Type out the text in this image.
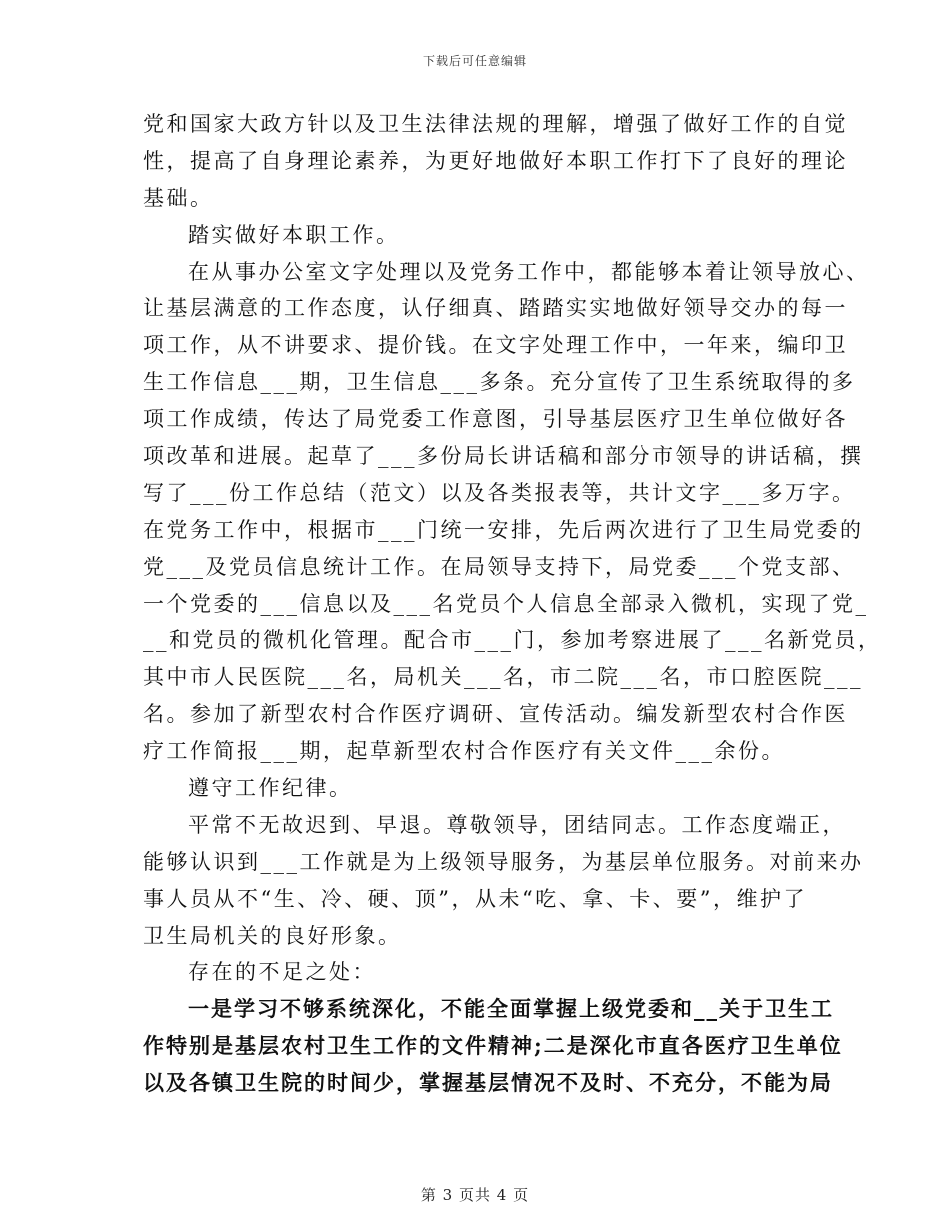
下载后可任意编辑
党和国家大政方针以及卫生法律法规的理解，增强了做好工作的自觉
性，提高了自身理论素养，为更好地做好本职工作打下了良好的理论
基础。
踏实做好本职工作。
在从事办公室文字处理以及党务工作中，都能够本着让领导放心、
让基层满意的工作态度，认仔细真、踏踏实实地做好领导交办的每一
项工作，从不讲要求、提价钱。在文字处理工作中，一年来，编印卫
生工作信息___期，卫生信息___多条。充分宣传了卫生系统取得的多
项工作成绩，传达了局党委工作意图，引导基层医疗卫生单位做好各
项改革和进展。起草了___多份局长讲话稿和部分市领导的讲话稿，撰
写了___份工作总结（范文）以及各类报表等，共计文字___多万字。
在党务工作中，根据市___门统一安排，先后两次进行了卫生局党委的
党___及党员信息统计工作。在局领导支持下，局党委___个党支部、
一个党委的___信息以及___名党员个人信息全部录入微机，实现了党_
__和党员的微机化管理。配合市___门，参加考察进展了___名新党员，
其中市人民医院___名，局机关___名，市二院___名，市口腔医院___
名。参加了新型农村合作医疗调研、宣传活动。编发新型农村合作医
疗工作简报___期，起草新型农村合作医疗有关文件___余份。
遵守工作纪律。
平常不无故迟到、早退。尊敬领导，团结同志。工作态度端正，
能够认识到___工作就是为上级领导服务，为基层单位服务。对前来办
事人员从不“生、冷、硬、顶”，从未“吃、拿、卡、要”，维护了
卫生局机关的良好形象。
存在的不足之处：
一是学习不够系统深化，不能全面掌握上级党委和__关于卫生工
作特别是基层农村卫生工作的文件精神;二是深化市直各医疗卫生单位
以及各镇卫生院的时间少，掌握基层情况不及时、不充分，不能为局
第 3 页共 4 页
